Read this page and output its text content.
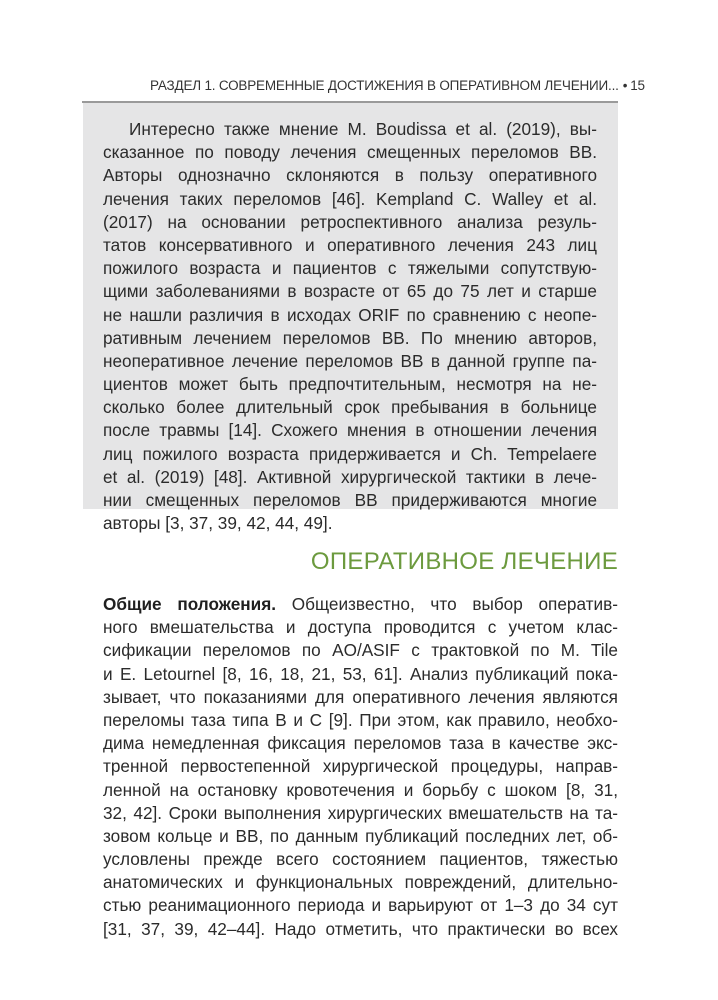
РАЗДЕЛ 1. СОВРЕМЕННЫЕ ДОСТИЖЕНИЯ В ОПЕРАТИВНОМ ЛЕЧЕНИИ... • 15
Интересно также мнение M. Boudissa et al. (2019), вы-
сказанное по поводу лечения смещенных переломов ВВ.
Авторы однозначно склоняются в пользу оперативного
лечения таких переломов [46]. Kempland C. Walley et al.
(2017) на основании ретроспективного анализа резуль-
татов консервативного и оперативного лечения 243 лиц
пожилого возраста и пациентов с тяжелыми сопутствую-
щими заболеваниями в возрасте от 65 до 75 лет и старше
не нашли различия в исходах ORIF по сравнению с неопе-
ративным лечением переломов ВВ. По мнению авторов,
неоперативное лечение переломов ВВ в данной группе па-
циентов может быть предпочтительным, несмотря на не-
сколько более длительный срок пребывания в больнице
после травмы [14]. Схожего мнения в отношении лечения
лиц пожилого возраста придерживается и Ch. Tempelaere
et al. (2019) [48]. Активной хирургической тактики в лече-
нии смещенных переломов ВВ придерживаются многие
авторы [3, 37, 39, 42, 44, 49].
ОПЕРАТИВНОЕ ЛЕЧЕНИЕ
Общие положения. Общеизвестно, что выбор оператив-
ного вмешательства и доступа проводится с учетом клас-
сификации переломов по AO/ASIF с трактовкой по M. Tile
и E. Letournel [8, 16, 18, 21, 53, 61]. Анализ публикаций пока-
зывает, что показаниями для оперативного лечения являются
переломы таза типа В и С [9]. При этом, как правило, необхо-
дима немедленная фиксация переломов таза в качестве экс-
тренной первостепенной хирургической процедуры, направ-
ленной на остановку кровотечения и борьбу с шоком [8, 31,
32, 42]. Сроки выполнения хирургических вмешательств на та-
зовом кольце и ВВ, по данным публикаций последних лет, об-
условлены прежде всего состоянием пациентов, тяжестью
анатомических и функциональных повреждений, длительно-
стью реанимационного периода и варьируют от 1–3 до 34 сут
[31, 37, 39, 42–44]. Надо отметить, что практически во всех
